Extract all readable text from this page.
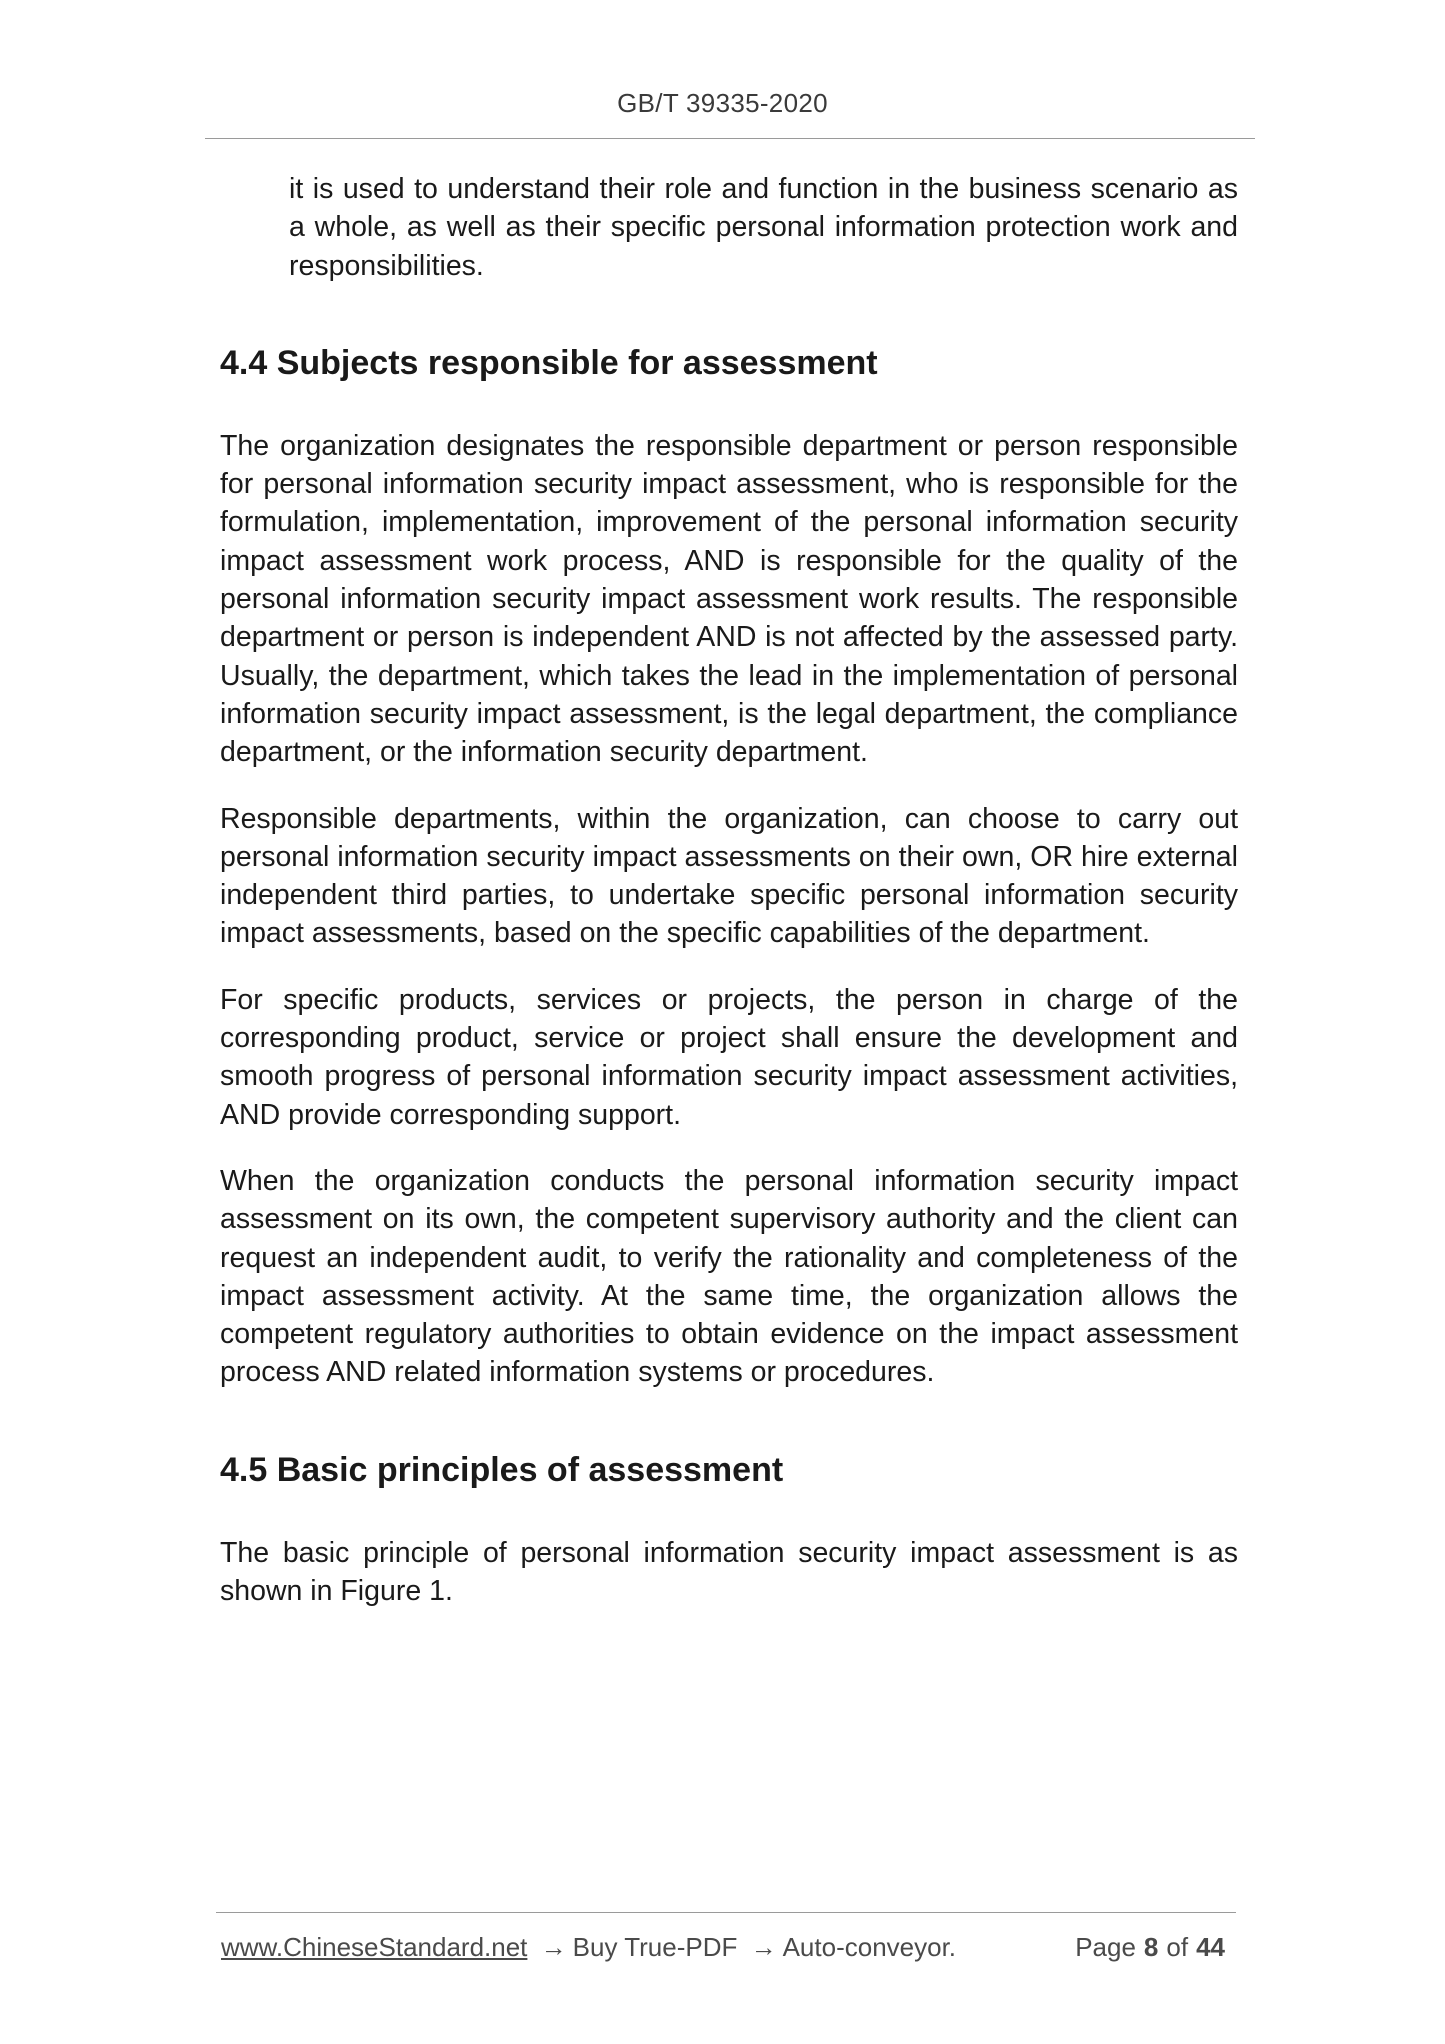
GB/T 39335-2020

it is used to understand their role and function in the business scenario as a whole, as well as their specific personal information protection work and responsibilities.

4.4 Subjects responsible for assessment

The organization designates the responsible department or person responsible for personal information security impact assessment, who is responsible for the formulation, implementation, improvement of the personal information security impact assessment work process, AND is responsible for the quality of the personal information security impact assessment work results. The responsible department or person is independent AND is not affected by the assessed party. Usually, the department, which takes the lead in the implementation of personal information security impact assessment, is the legal department, the compliance department, or the information security department.

Responsible departments, within the organization, can choose to carry out personal information security impact assessments on their own, OR hire external independent third parties, to undertake specific personal information security impact assessments, based on the specific capabilities of the department.

For specific products, services or projects, the person in charge of the corresponding product, service or project shall ensure the development and smooth progress of personal information security impact assessment activities, AND provide corresponding support.

When the organization conducts the personal information security impact assessment on its own, the competent supervisory authority and the client can request an independent audit, to verify the rationality and completeness of the impact assessment activity. At the same time, the organization allows the competent regulatory authorities to obtain evidence on the impact assessment process AND related information systems or procedures.

4.5 Basic principles of assessment

The basic principle of personal information security impact assessment is as shown in Figure 1.

www.ChineseStandard.net → Buy True-PDF → Auto-conveyor.	Page 8 of 44
